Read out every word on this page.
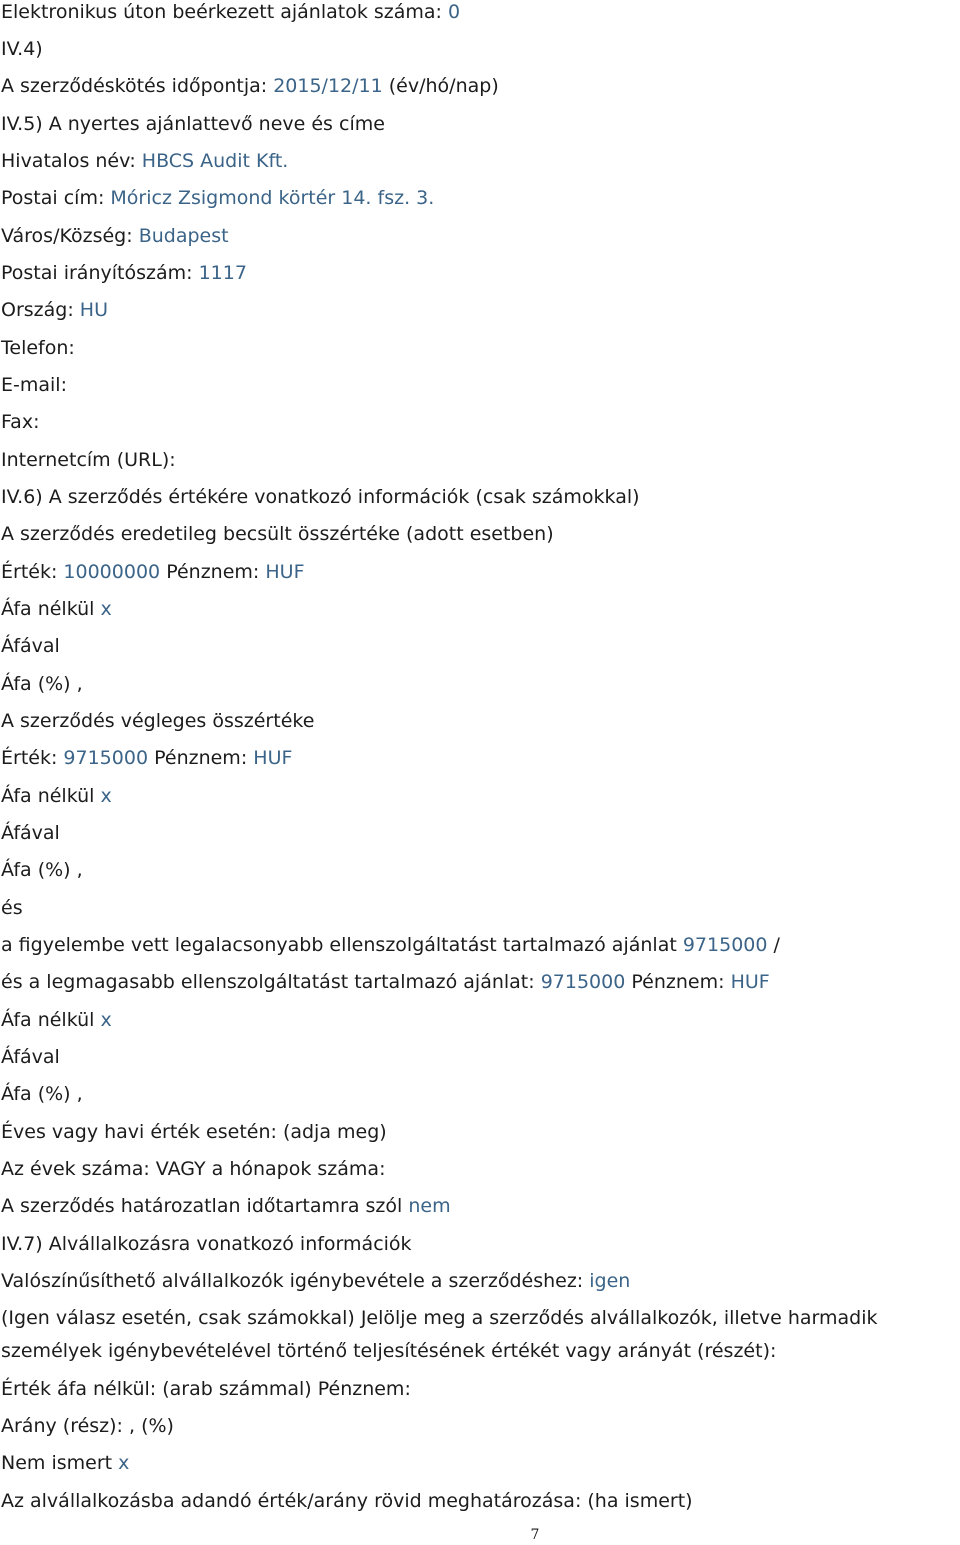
Elektronikus úton beérkezett ajánlatok száma: 0
IV.4)
A szerződéskötés időpontja: 2015/12/11 (év/hó/nap)
IV.5) A nyertes ajánlattevő neve és címe
Hivatalos név: HBCS Audit Kft.
Postai cím: Móricz Zsigmond körtér 14. fsz. 3.
Város/Község: Budapest
Postai irányítószám: 1117
Ország: HU
Telefon:
E-mail:
Fax:
Internetcím (URL):
IV.6) A szerződés értékére vonatkozó információk (csak számokkal)
A szerződés eredetileg becsült összértéke (adott esetben)
Érték: 10000000 Pénznem: HUF
Áfa nélkül x
Áfával
Áfa (%) ,
A szerződés végleges összértéke
Érték: 9715000 Pénznem: HUF
Áfa nélkül x
Áfával
Áfa (%) ,
és
a figyelembe vett legalacsonyabb ellenszolgáltatást tartalmazó ajánlat 9715000 /
és a legmagasabb ellenszolgáltatást tartalmazó ajánlat: 9715000 Pénznem: HUF
Áfa nélkül x
Áfával
Áfa (%) ,
Éves vagy havi érték esetén: (adja meg)
Az évek száma: VAGY a hónapok száma:
A szerződés határozatlan időtartamra szól nem
IV.7) Alvállalkozásra vonatkozó információk
Valószínűsíthető alvállalkozók igénybevétele a szerződéshez: igen
(Igen válasz esetén, csak számokkal) Jelölje meg a szerződés alvállalkozók, illetve harmadik
személyek igénybevételével történő teljesítésének értékét vagy arányát (részét):
Érték áfa nélkül: (arab számmal) Pénznem:
Arány (rész): , (%)
Nem ismert x
Az alvállalkozásba adandó érték/arány rövid meghatározása: (ha ismert)
7
